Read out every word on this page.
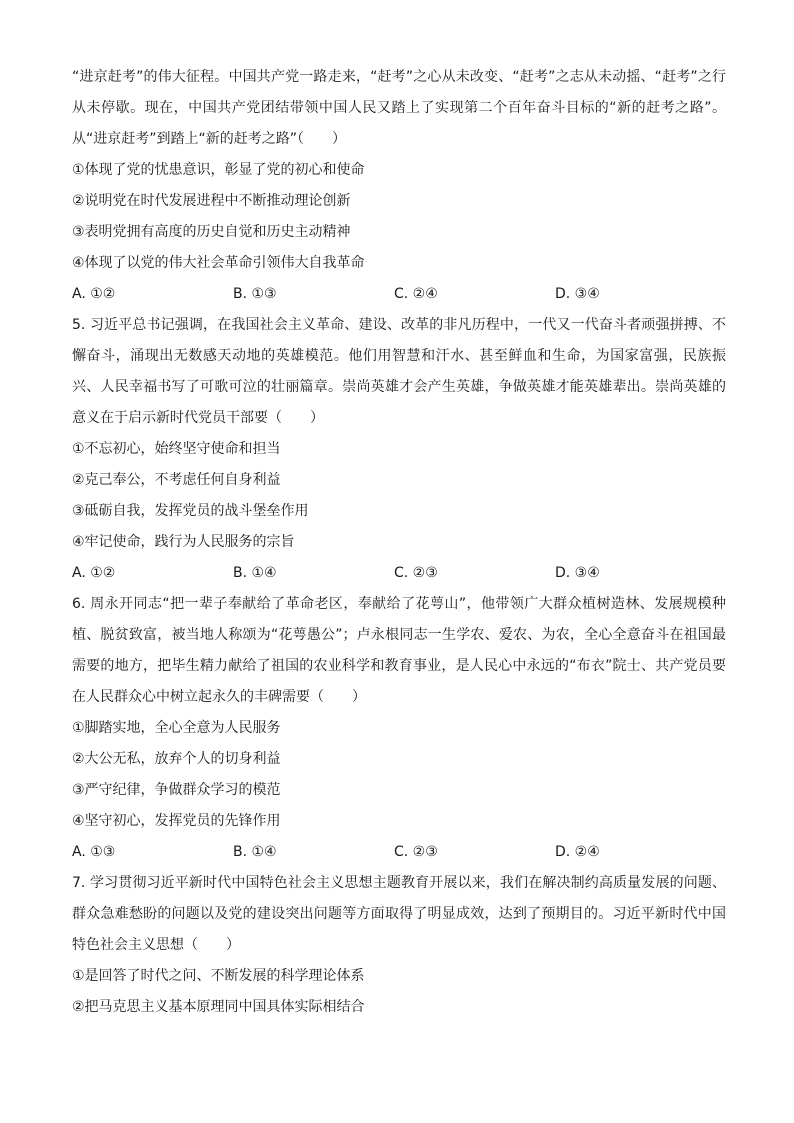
“进京赶考”的伟大征程。中国共产党一路走来，“赶考”之心从未改变、“赶考”之志从未动摇、“赶考”之行从未停歇。现在，中国共产党团结带领中国人民又踏上了实现第二个百年奋斗目标的“新的赶考之路”。从“进京赶考”到踏上“新的赶考之路”（　　）

①体现了党的忧患意识，彰显了党的初心和使命

②说明党在时代发展进程中不断推动理论创新

③表明党拥有高度的历史自觉和历史主动精神

④体现了以党的伟大社会革命引领伟大自我革命

A. ①②	B. ①③	C. ②④	D. ③④

5. 习近平总书记强调，在我国社会主义革命、建设、改革的非凡历程中，一代又一代奋斗者顽强拼搏、不懈奋斗，涌现出无数感天动地的英雄模范。他们用智慧和汗水、甚至鲜血和生命，为国家富强，民族振兴、人民幸福书写了可歌可泣的壮丽篇章。崇尚英雄才会产生英雄，争做英雄才能英雄辈出。崇尚英雄的意义在于启示新时代党员干部要（　　）

①不忘初心，始终坚守使命和担当

②克己奉公，不考虑任何自身利益

③砥砺自我，发挥党员的战斗堡垒作用

④牢记使命，践行为人民服务的宗旨

A. ①②	B. ①④	C. ②③	D. ③④

6. 周永开同志“把一辈子奉献给了革命老区，奉献给了花萼山”，他带领广大群众植树造林、发展规模种植、脱贫致富，被当地人称颂为“花萼愚公”；卢永根同志一生学农、爱农、为农，全心全意奋斗在祖国最需要的地方，把毕生精力献给了祖国的农业科学和教育事业，是人民心中永远的“布衣”院士、共产党员要在人民群众心中树立起永久的丰碑需要（　　）

①脚踏实地，全心全意为人民服务

②大公无私，放弃个人的切身利益

③严守纪律，争做群众学习的模范

④坚守初心，发挥党员的先锋作用

A. ①③	B. ①④	C. ②③	D. ②④

7. 学习贯彻习近平新时代中国特色社会主义思想主题教育开展以来，我们在解决制约高质量发展的问题、群众急难愁盼的问题以及党的建设突出问题等方面取得了明显成效，达到了预期目的。习近平新时代中国特色社会主义思想（　　）

①是回答了时代之问、不断发展的科学理论体系

②把马克思主义基本原理同中国具体实际相结合
